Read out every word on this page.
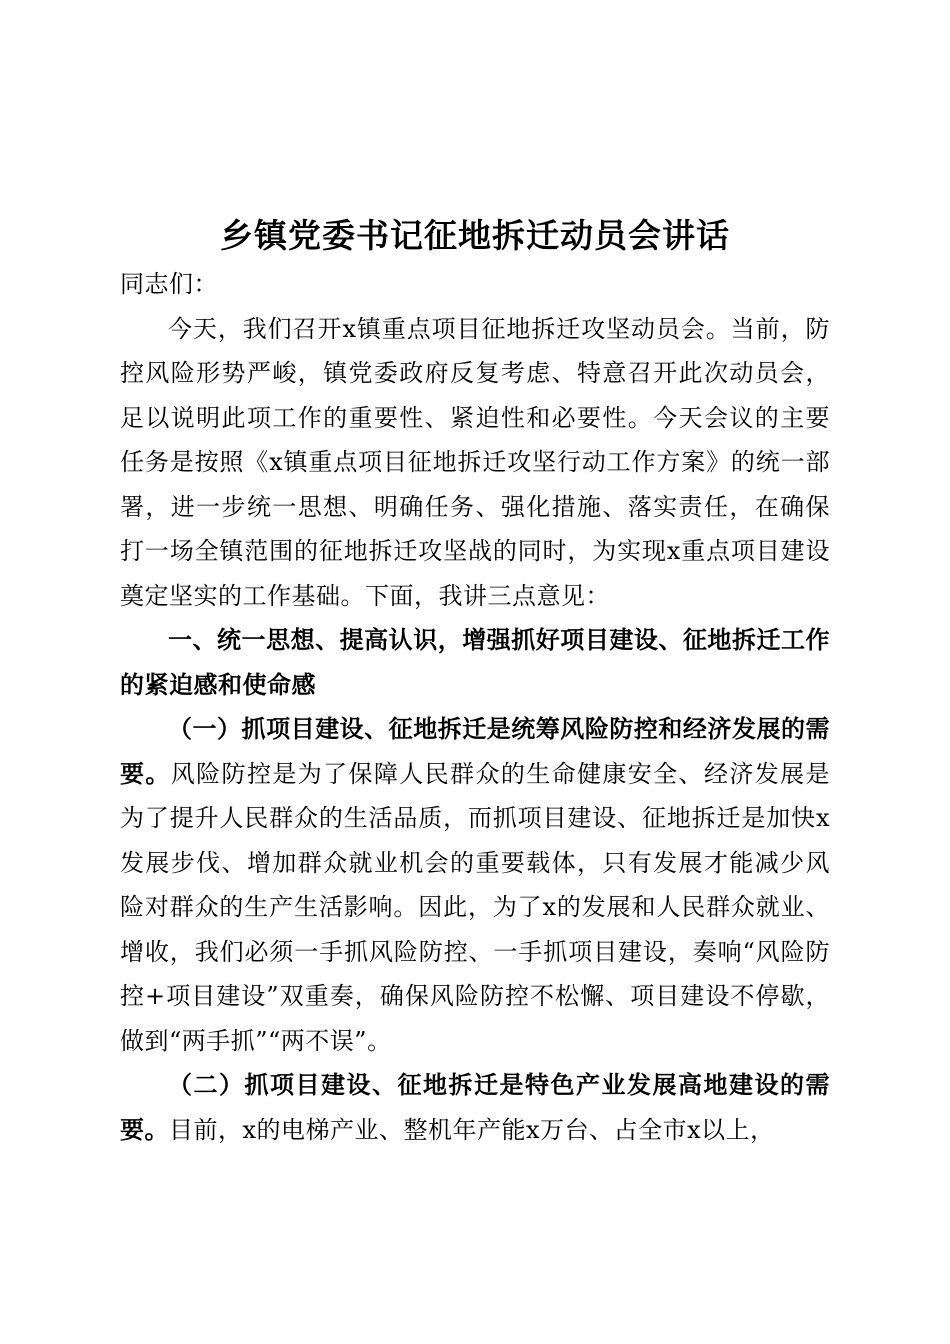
乡镇党委书记征地拆迁动员会讲话

同志们：

今天，我们召开x镇重点项目征地拆迁攻坚动员会。当前，防控风险形势严峻，镇党委政府反复考虑、特意召开此次动员会，足以说明此项工作的重要性、紧迫性和必要性。今天会议的主要任务是按照《x镇重点项目征地拆迁攻坚行动工作方案》的统一部署，进一步统一思想、明确任务、强化措施、落实责任，在确保打一场全镇范围的征地拆迁攻坚战的同时，为实现x重点项目建设奠定坚实的工作基础。下面，我讲三点意见：

一、统一思想、提高认识，增强抓好项目建设、征地拆迁工作的紧迫感和使命感

（一）抓项目建设、征地拆迁是统筹风险防控和经济发展的需要。风险防控是为了保障人民群众的生命健康安全、经济发展是为了提升人民群众的生活品质，而抓项目建设、征地拆迁是加快x发展步伐、增加群众就业机会的重要载体，只有发展才能减少风险对群众的生产生活影响。因此，为了x的发展和人民群众就业、增收，我们必须一手抓风险防控、一手抓项目建设，奏响“风险防控+项目建设”双重奏，确保风险防控不松懈、项目建设不停歇，做到“两手抓”“两不误”。

（二）抓项目建设、征地拆迁是特色产业发展高地建设的需要。目前，x的电梯产业、整机年产能x万台、占全市x以上，
